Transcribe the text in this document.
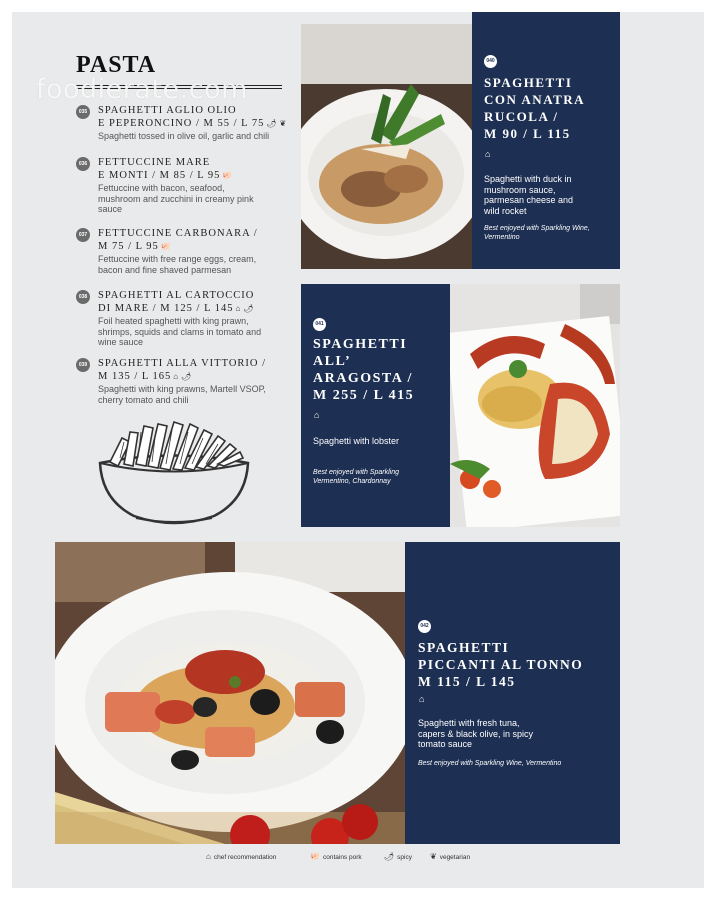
PASTA
035 SPAGHETTI AGLIO OLIO
E PEPERONCINO / M 55 / L 75 🌶 ❦
Spaghetti tossed in olive oil, garlic and chili
036 FETTUCCINE MARE
E MONTI / M 85 / L 95 🐖
Fettuccine with bacon, seafood, mushroom and zucchini in creamy pink sauce
037 FETTUCCINE CARBONARA /
M 75 / L 95 🐖
Fettuccine with free range eggs, cream, bacon and fine shaved parmesan
038 SPAGHETTI AL CARTOCCIO
DI MARE / M 125 / L 145 ⌂ 🌶
Foil heated spaghetti with king prawn, shrimps, squids and clams in tomato and wine sauce
039 SPAGHETTI ALLA VITTORIO /
M 135 / L 165 ⌂ 🌶
Spaghetti with king prawns, Martell VSOP, cherry tomato and chili
040
SPAGHETTI
CON ANATRA
RUCOLA /
M 90 / L 115
⌂
Spaghetti with duck in mushroom sauce, parmesan cheese and wild rocket
Best enjoyed with Sparkling Wine, Vermentino
041
SPAGHETTI
ALL’
ARAGOSTA /
M 255 / L 415
⌂
Spaghetti with lobster
Best enjoyed with Sparkling Vermentino, Chardonnay
042
SPAGHETTI
PICCANTI AL TONNO
M 115 / L 145
⌂
Spaghetti with fresh tuna, capers & black olive, in spicy tomato sauce
Best enjoyed with Sparkling Wine, Vermentino
foodierate.com
⌂ chef recommendation	🐖 contains pork	🌶 spicy ❦ vegetarian
